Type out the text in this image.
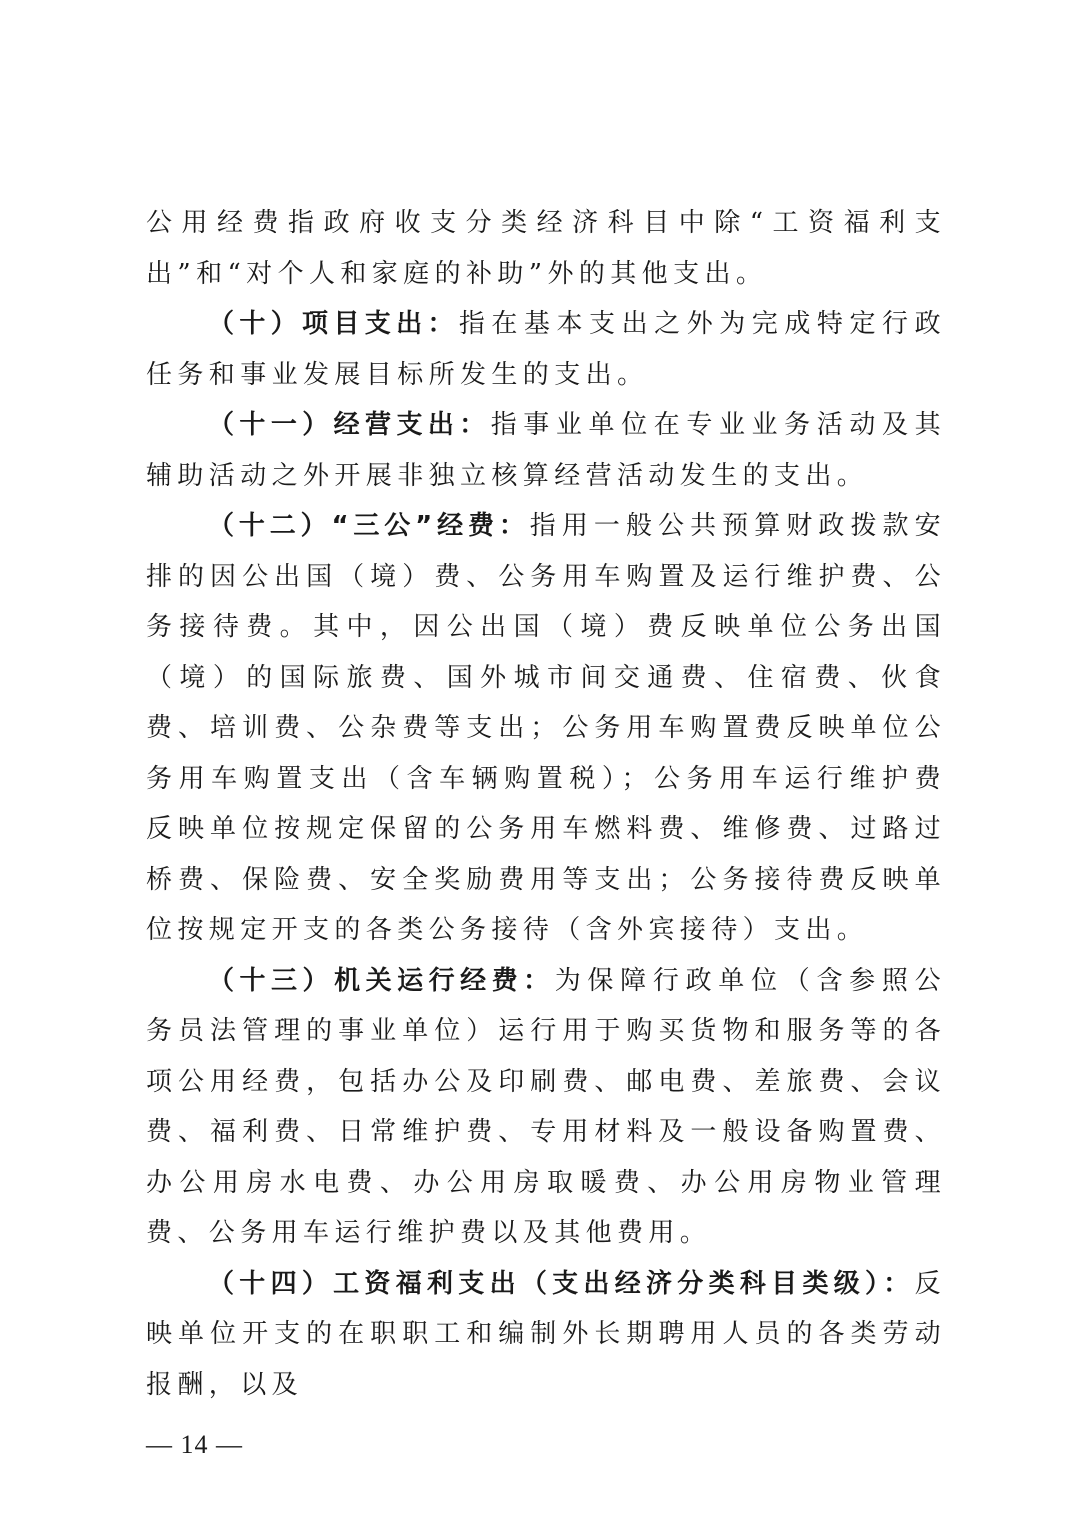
公用经费指政府收支分类经济科目中除“工资福利支出”和“对个人和家庭的补助”外的其他支出。

（十）项目支出：指在基本支出之外为完成特定行政任务和事业发展目标所发生的支出。

（十一）经营支出：指事业单位在专业业务活动及其辅助活动之外开展非独立核算经营活动发生的支出。

（十二）“三公”经费：指用一般公共预算财政拨款安排的因公出国（境）费、公务用车购置及运行维护费、公务接待费。其中，因公出国（境）费反映单位公务出国（境）的国际旅费、国外城市间交通费、住宿费、伙食费、培训费、公杂费等支出；公务用车购置费反映单位公务用车购置支出（含车辆购置税）；公务用车运行维护费反映单位按规定保留的公务用车燃料费、维修费、过路过桥费、保险费、安全奖励费用等支出；公务接待费反映单位按规定开支的各类公务接待（含外宾接待）支出。

（十三）机关运行经费：为保障行政单位（含参照公务员法管理的事业单位）运行用于购买货物和服务等的各项公用经费，包括办公及印刷费、邮电费、差旅费、会议费、福利费、日常维护费、专用材料及一般设备购置费、办公用房水电费、办公用房取暖费、办公用房物业管理费、公务用车运行维护费以及其他费用。

（十四）工资福利支出（支出经济分类科目类级）：反映单位开支的在职职工和编制外长期聘用人员的各类劳动报酬，以及

— 14 —
